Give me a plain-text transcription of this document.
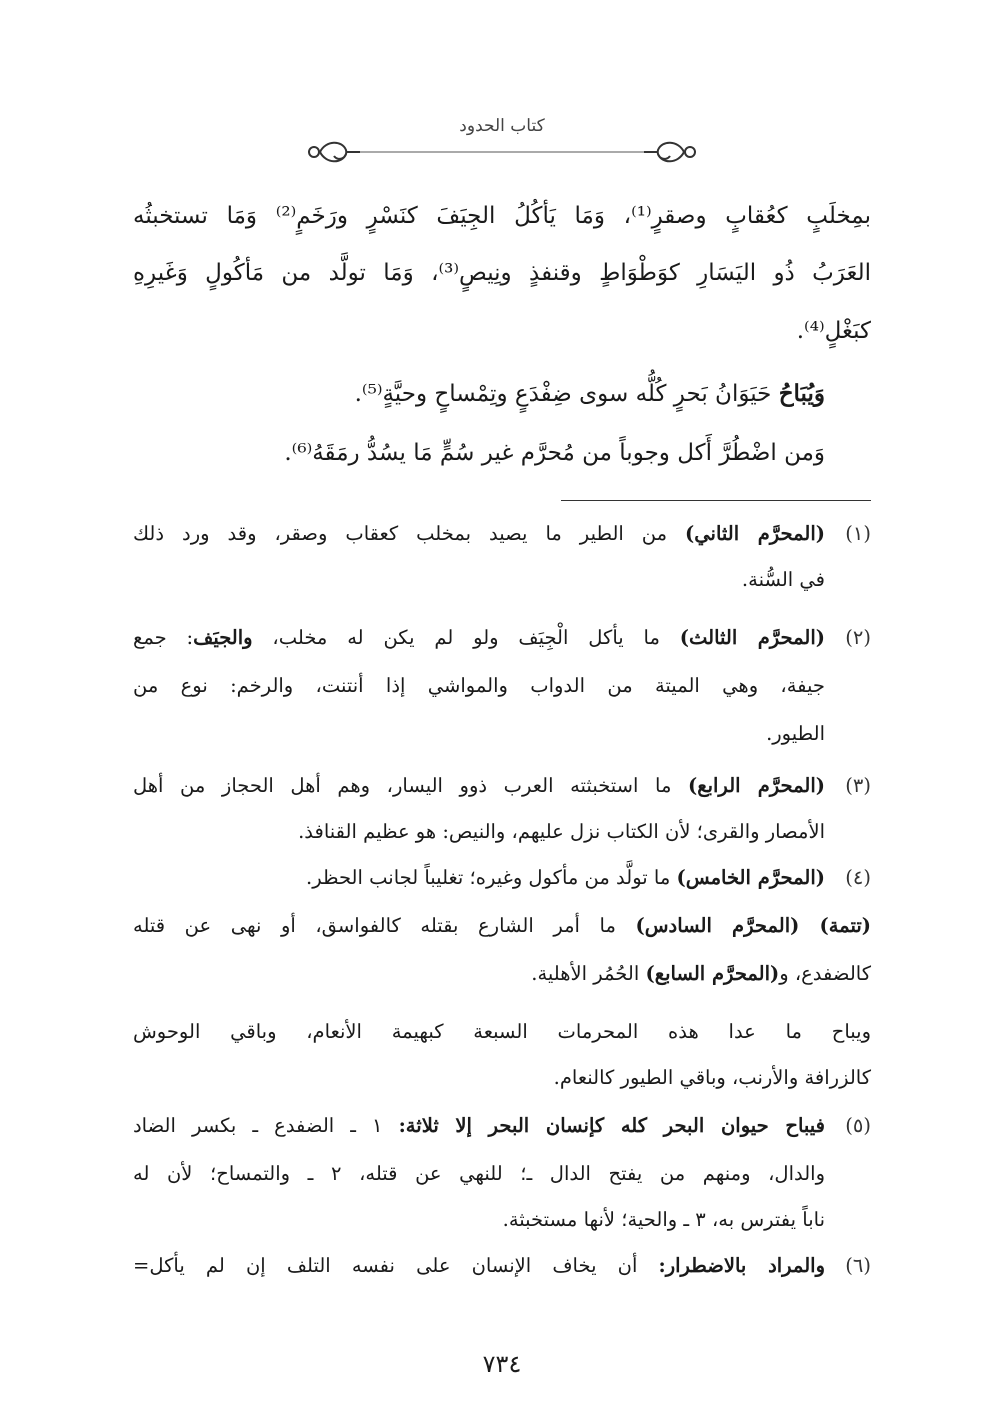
كتاب الحدود
بمِخلَبٍ كعُقابٍ وصقرٍ⁽¹⁾، وَمَا يَأكُلُ الجِيَفَ كنَسْرٍ ورَخَمٍ⁽²⁾ وَمَا تستخبثُه
العَرَبُ ذُو اليَسَارِ كوَطْوَاطٍ وقنفذٍ ونِيصٍ⁽³⁾، وَمَا تولَّد من مَأكُولٍ وَغَيرِهِ
كبَغْلٍ⁽⁴⁾.
وَيُبَاحُ حَيَوَانُ بَحرٍ كُلُّه سوى ضِفْدَعٍ وتِمْساحٍ وحيَّةٍ⁽⁵⁾.
وَمن اضْطُرَّ أَكل وجوباً من مُحرَّم غير سُمٍّ مَا يسُدُّ رمَقَهُ⁽⁶⁾.
(١)
(المحرَّم الثاني) من الطير ما يصيد بمخلب كعقاب وصقر، وقد ورد ذلك
في السُّنة.
(٢)
(المحرَّم الثالث) ما يأكل الْجِيَف ولو لم يكن له مخلب، والجيَف: جمع
جيفة، وهي الميتة من الدواب والمواشي إذا أنتنت، والرخم: نوع من
الطيور.
(٣)
(المحرَّم الرابع) ما استخبثته العرب ذوو اليسار، وهم أهل الحجاز من أهل
الأمصار والقرى؛ لأن الكتاب نزل عليهم، والنيص: هو عظيم القنافذ.
(٤)
(المحرَّم الخامس) ما تولَّد من مأكول وغيره؛ تغليباً لجانب الحظر.
(تتمة) (المحرَّم السادس) ما أمر الشارع بقتله كالفواسق، أو نهى عن قتله
كالضفدع، و(المحرَّم السابع) الحُمُر الأهلية.
ويباح ما عدا هذه المحرمات السبعة كبهيمة الأنعام، وباقي الوحوش
كالزرافة والأرنب، وباقي الطيور كالنعام.
(٥)
فيباح حيوان البحر كله كإنسان البحر إلا ثلاثة: ١ ـ الضفدع ـ بكسر الضاد
والدال، ومنهم من يفتح الدال ـ؛ للنهي عن قتله، ٢ ـ والتمساح؛ لأن له
ناباً يفترس به، ٣ ـ والحية؛ لأنها مستخبثة.
(٦)
والمراد بالاضطرار: أن يخاف الإنسان على نفسه التلف إن لم يأكل=
٧٣٤
